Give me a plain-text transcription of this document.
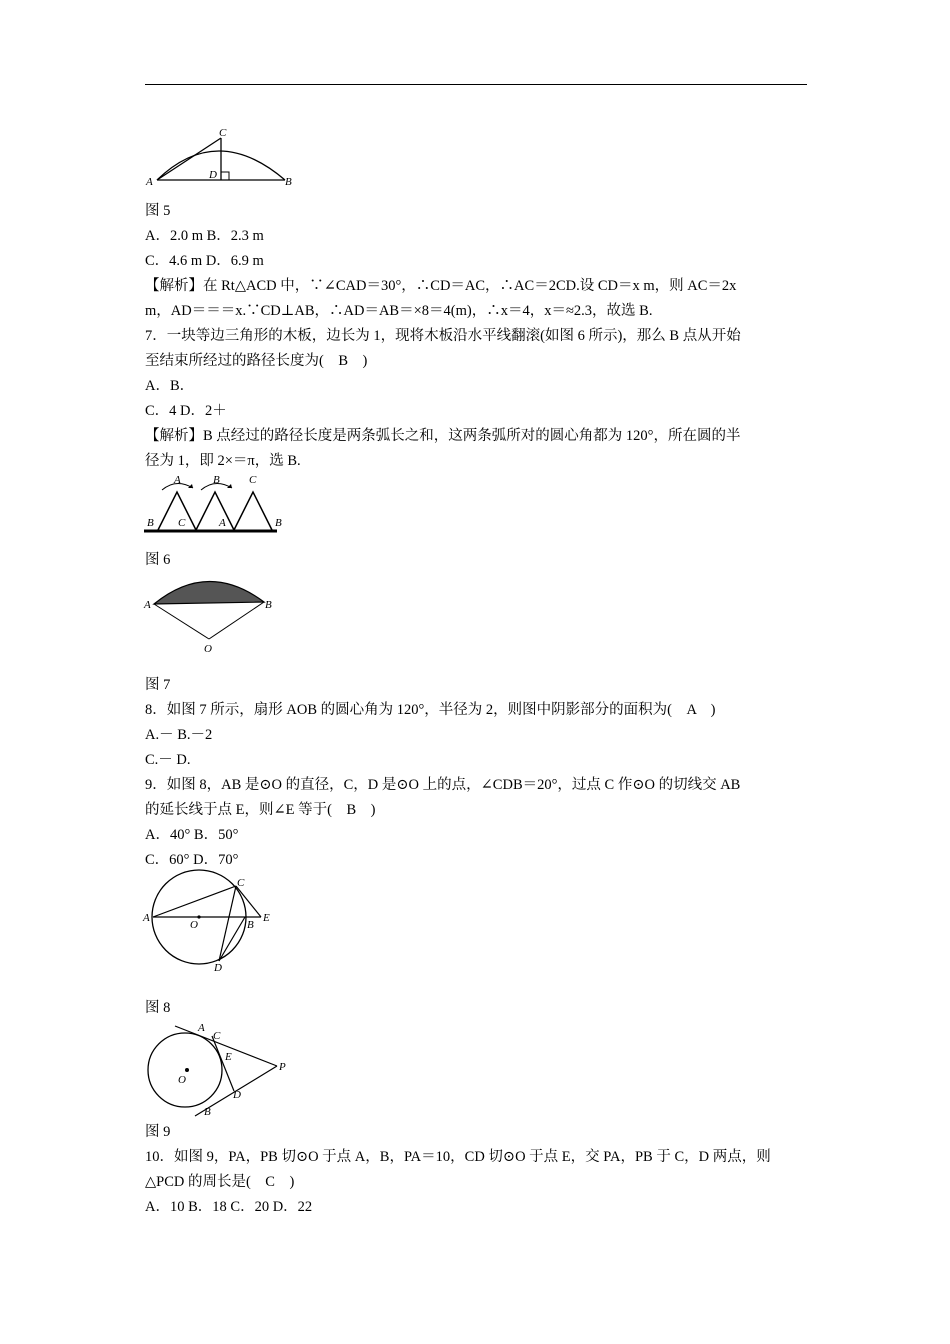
C
A
D
B
图 5
A．2.0 m B．2.3 m
C．4.6 m D．6.9 m
【解析】在 Rt△ACD 中，∵∠CAD＝30°，∴CD＝AC，∴AC＝2CD.设 CD＝x m，则 AC＝2x
m，AD＝＝＝x.∵CD⊥AB，∴AD＝AB＝×8＝4(m)，∴x＝4，x＝≈2.3，故选 B.
7．一块等边三角形的木板，边长为 1，现将木板沿水平线翻滚(如图 6 所示)，那么 B 点从开始
至结束所经过的路径长度为(　B　)
A．B．
C．4 D．2＋
【解析】B 点经过的路径长度是两条弧长之和，这两条弧所对的圆心角都为 120°，所在圆的半
径为 1，即 2×＝π，选 B.
A	B	C
B C	A	B
图 6
A	B
O
图 7
8．如图 7 所示，扇形 AOB 的圆心角为 120°，半径为 2，则图中阴影部分的面积为(　A　)
A.－ B.－2
C.－ D.
9．如图 8，AB 是⊙O 的直径，C，D 是⊙O 上的点，∠CDB＝20°，过点 C 作⊙O 的切线交 AB
的延长线于点 E，则∠E 等于(　B　)
A．40° B．50°
C．60° D．70°
A
O
C
B
E
D
图 8
A
C
E
P
O
D
B
图 9
10．如图 9，PA，PB 切⊙O 于点 A，B，PA＝10，CD 切⊙O 于点 E，交 PA，PB 于 C，D 两点，则
△PCD 的周长是(　C　)
A．10 B．18 C．20 D．22
